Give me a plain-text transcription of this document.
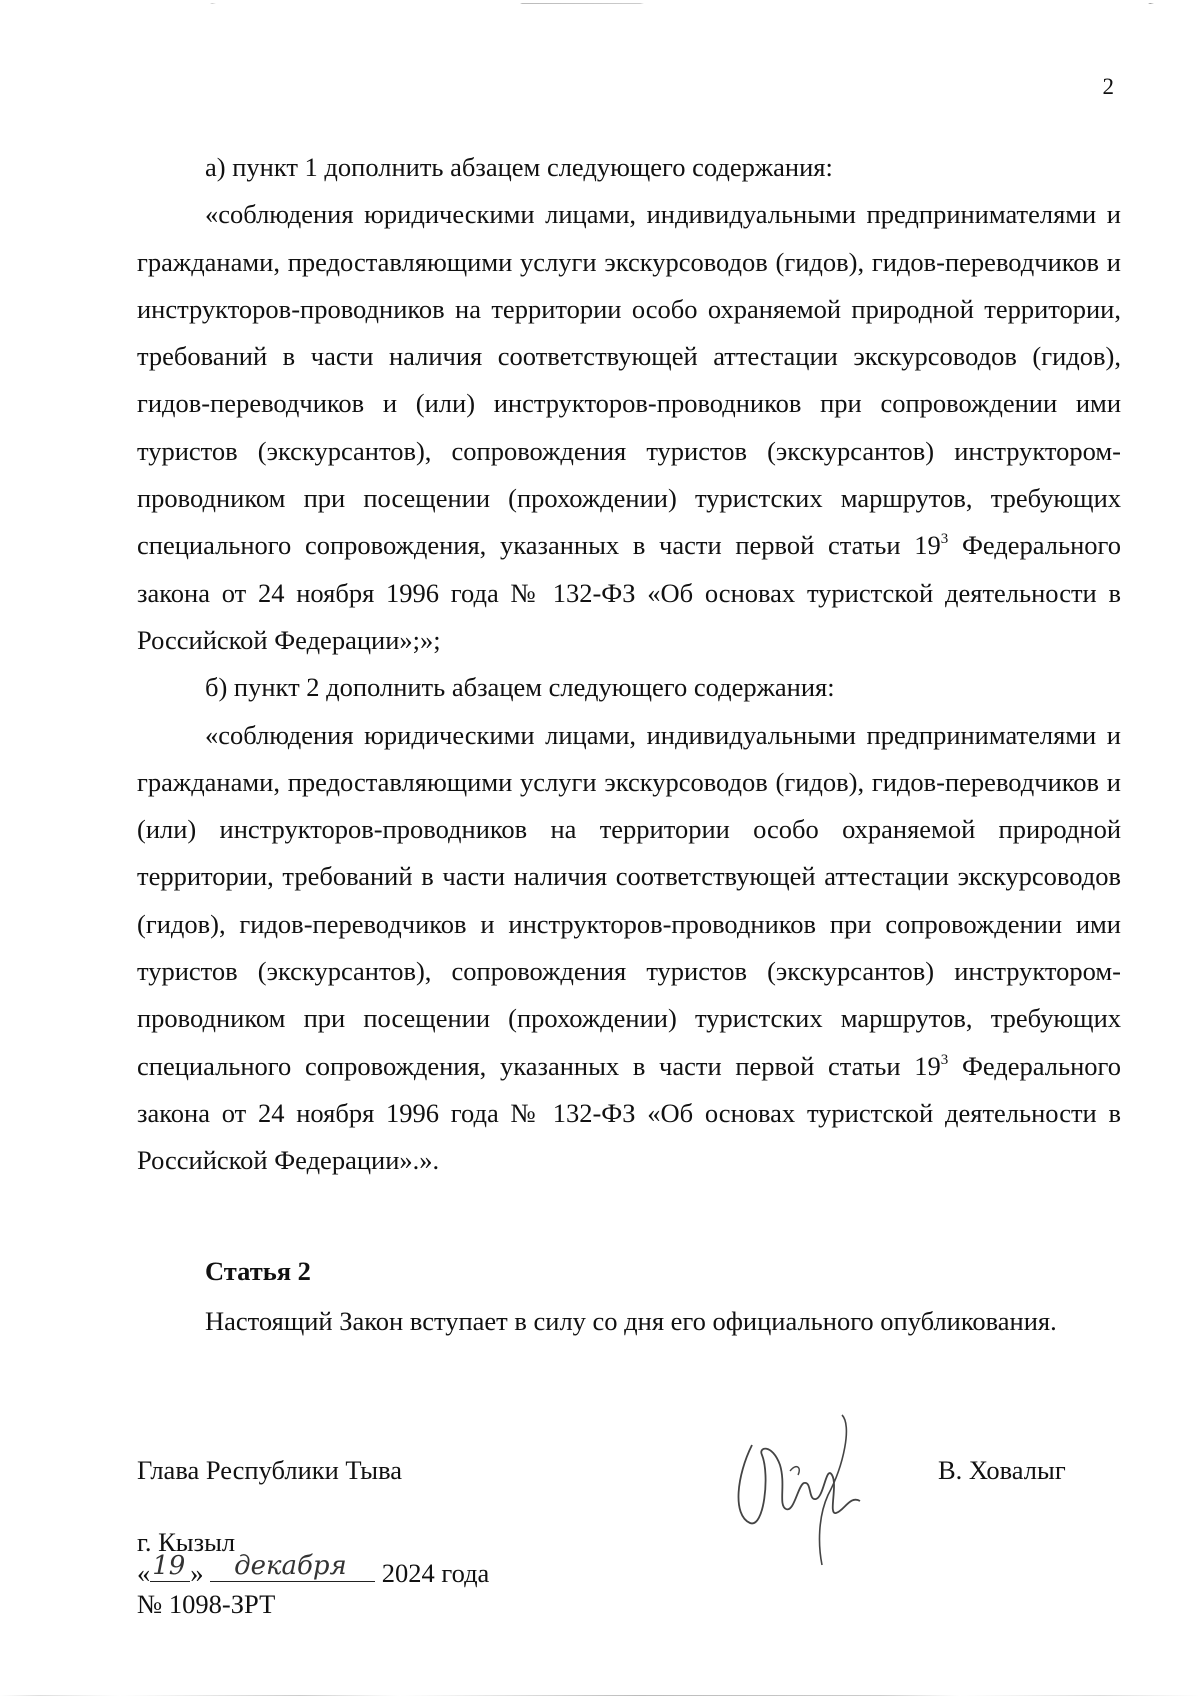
2

а) пункт 1 дополнить абзацем следующего содержания:

«соблюдения юридическими лицами, индивидуальными предпринимателями и гражданами, предоставляющими услуги экскурсоводов (гидов), гидов-переводчиков и инструкторов-проводников на территории особо охраняемой природной территории, требований в части наличия соответствующей аттестации экскурсоводов (гидов), гидов-переводчиков и (или) инструкторов-проводников при сопровождении ими туристов (экскурсантов), сопровождения туристов (экскурсантов) инструктором-проводником при посещении (прохождении) туристских маршрутов, требующих специального сопровождения, указанных в части первой статьи $19^3$ Федерального закона от 24 ноября 1996 года № 132-ФЗ «Об основах туристской деятельности в Российской Федерации»;»;

б) пункт 2 дополнить абзацем следующего содержания:

«соблюдения юридическими лицами, индивидуальными предпринимателями и гражданами, предоставляющими услуги экскурсоводов (гидов), гидов-переводчиков и (или) инструкторов-проводников на территории особо охраняемой природной территории, требований в части наличия соответствующей аттестации экскурсоводов (гидов), гидов-переводчиков и инструкторов-проводников при сопровождении ими туристов (экскурсантов), сопровождения туристов (экскурсантов) инструктором-проводником при посещении (прохождении) туристских маршрутов, требующих специального сопровождения, указанных в части первой статьи $19^3$ Федерального закона от 24 ноября 1996 года № 132-ФЗ «Об основах туристской деятельности в Российской Федерации».».

Статья 2
Настоящий Закон вступает в силу со дня его официального опубликования.
Глава Республики Тыва	В. Ховалыг
г. Кызыл
« 19 » декабря 2024 года
№ 1098-ЗРТ
